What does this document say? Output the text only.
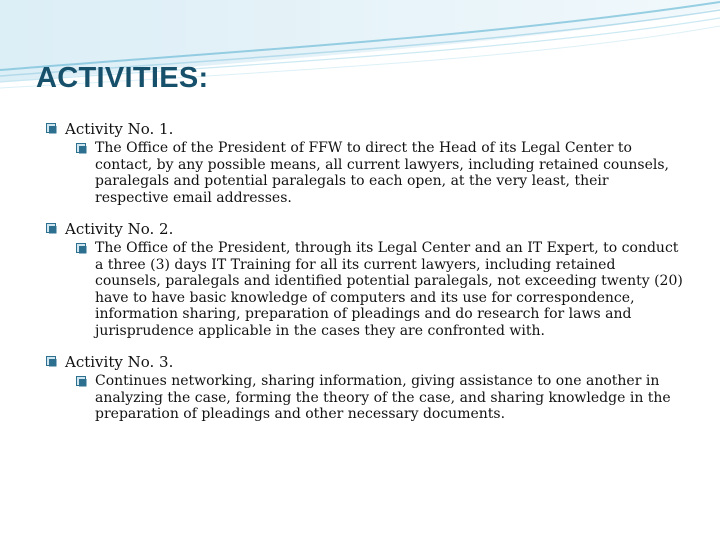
ACTIVITIES:
Activity No. 1.
The Office of the President of FFW to direct the Head of its Legal Center to contact, by any possible means, all current lawyers, including retained counsels, paralegals and potential paralegals to each open, at the very least, their respective email addresses.
Activity No. 2.
The Office of the President, through its Legal Center and an IT Expert, to conduct a three (3) days IT Training for all its current lawyers, including retained counsels, paralegals and identified potential paralegals, not exceeding twenty (20) have to have basic knowledge of computers and its use for correspondence, information sharing, preparation of pleadings and do research for laws and jurisprudence applicable in the cases they are confronted with.
Activity No. 3.
Continues networking, sharing information, giving assistance to one another in analyzing the case, forming the theory of the case, and sharing knowledge in the preparation of pleadings and other necessary documents.
